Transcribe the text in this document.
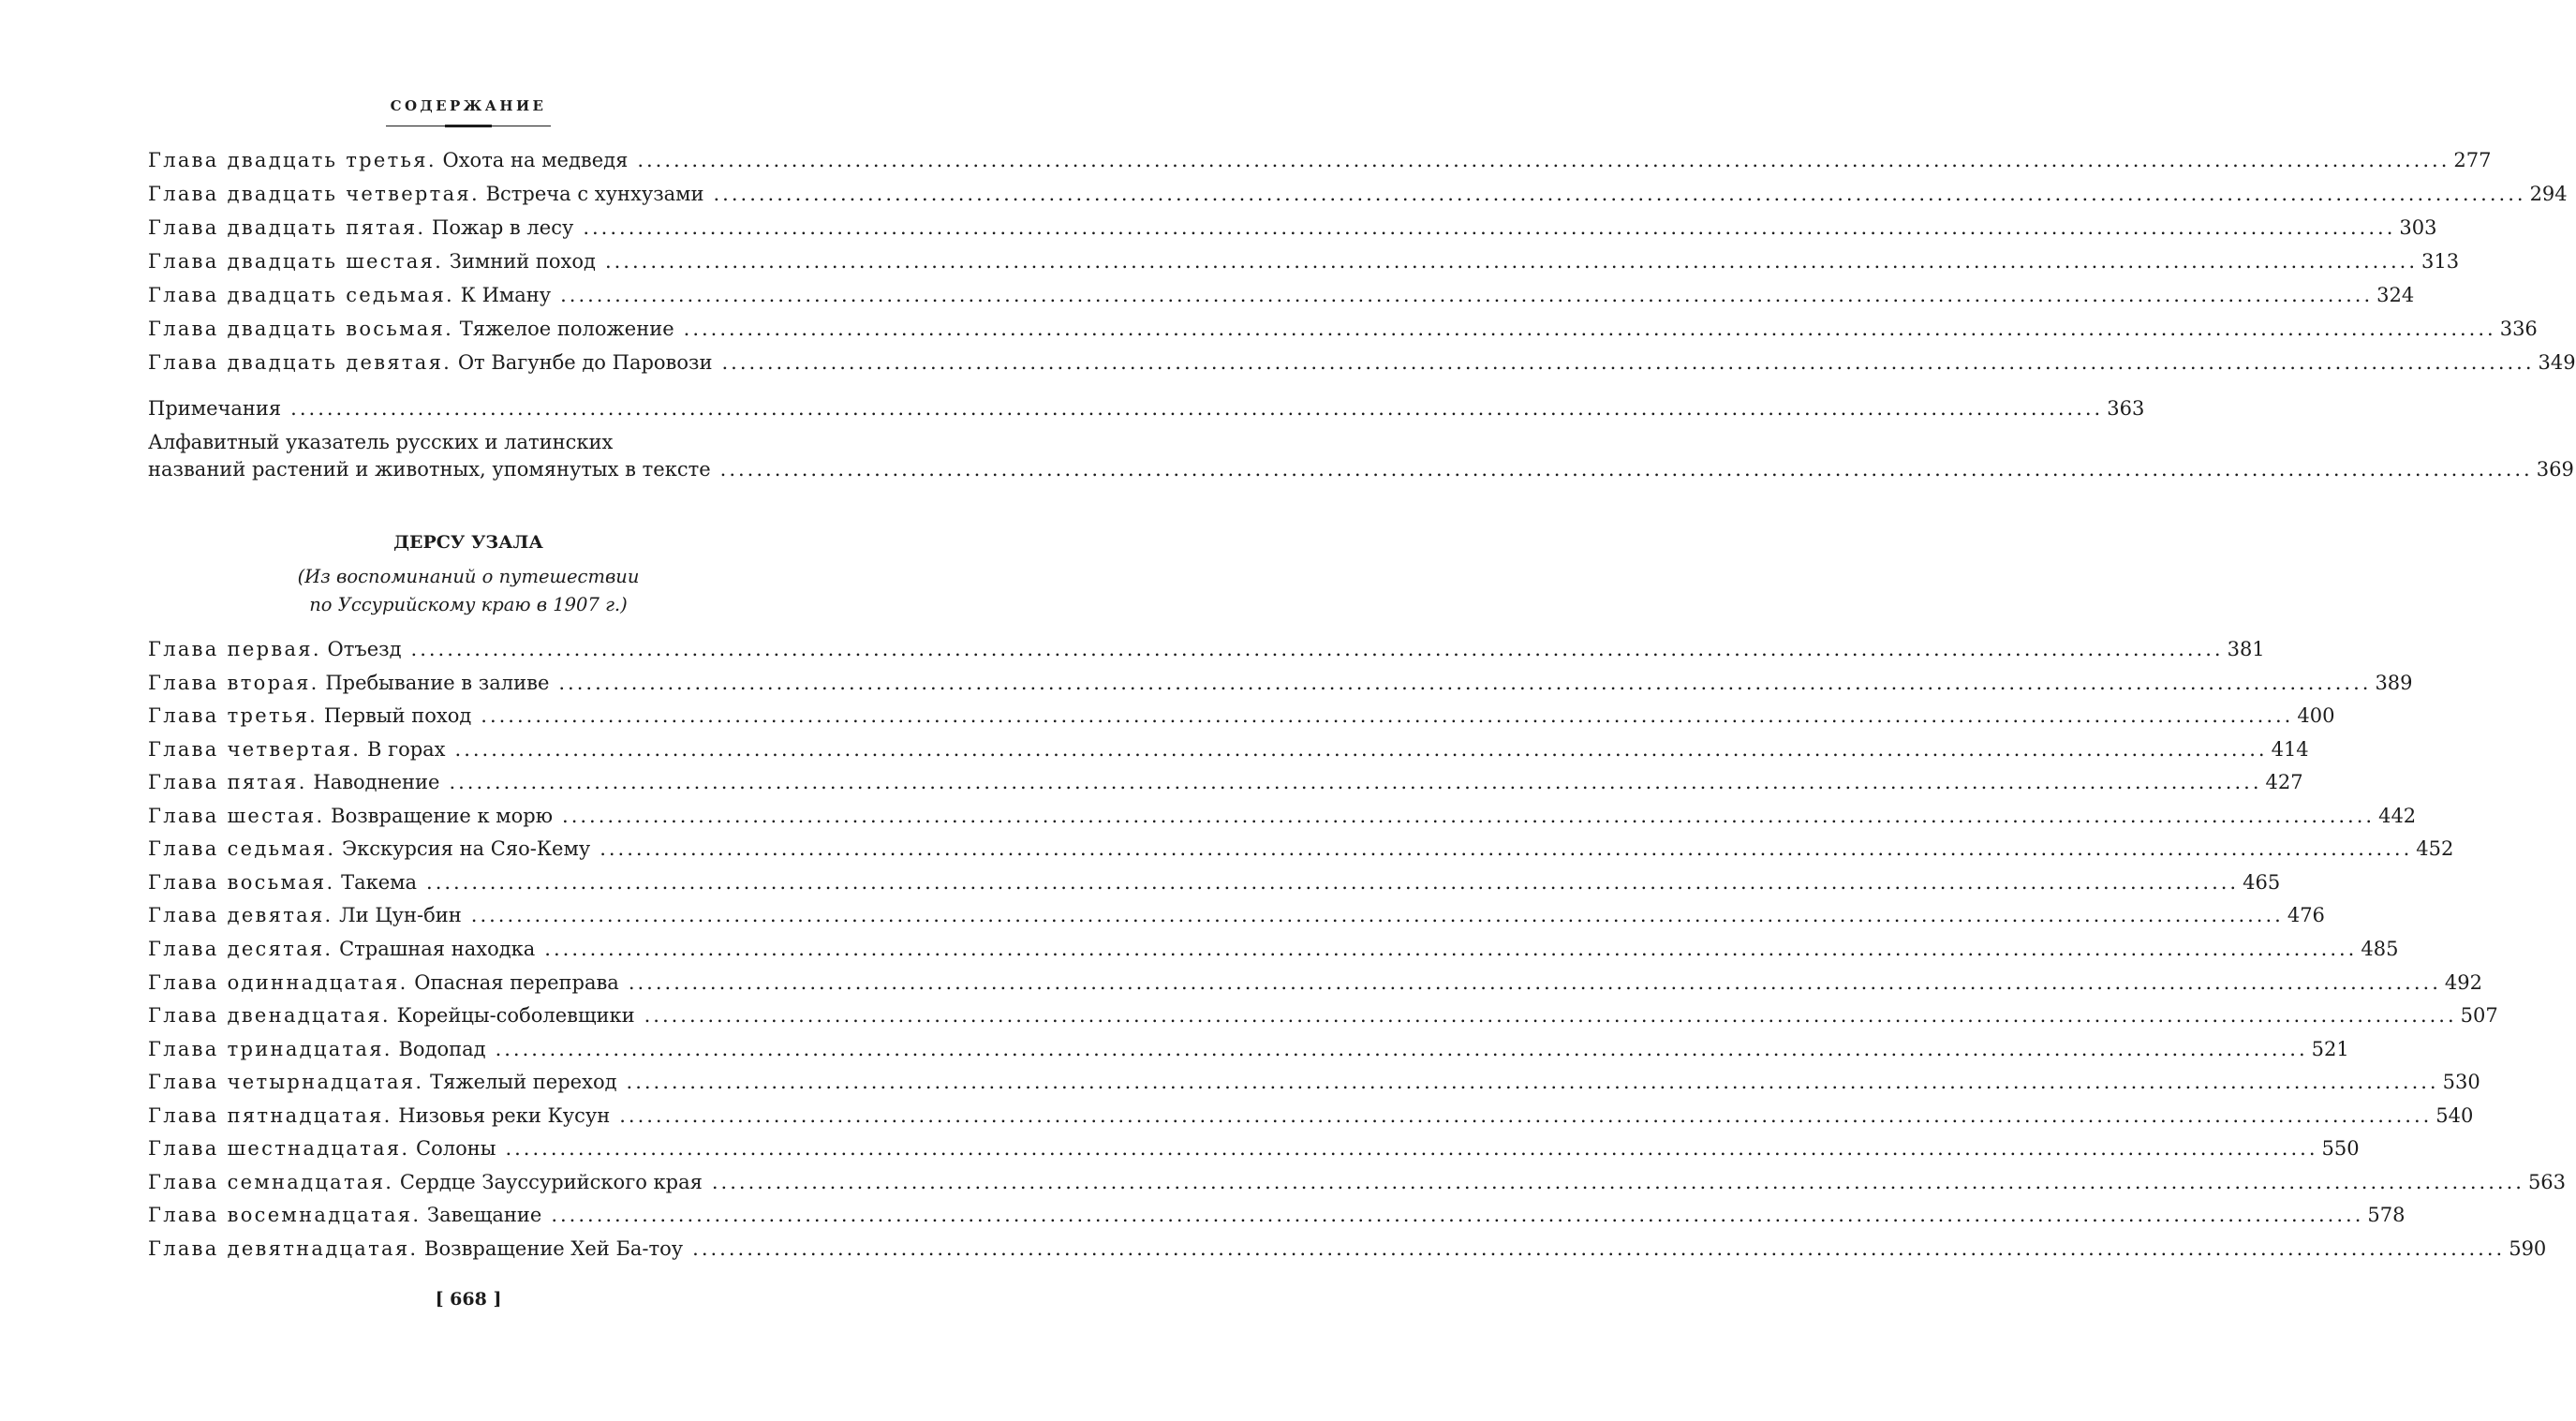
СОДЕРЖАНИЕ
Глава двадцать третья. Охота на медведя ........................................................................................................................................................................................................ 277
Глава двадцать четвертая. Встреча с хунхузами ........................................................................................................................................................................................................ 294
Глава двадцать пятая. Пожар в лесу ........................................................................................................................................................................................................ 303
Глава двадцать шестая. Зимний поход ........................................................................................................................................................................................................ 313
Глава двадцать седьмая. К Иману ........................................................................................................................................................................................................ 324
Глава двадцать восьмая. Тяжелое положение ........................................................................................................................................................................................................ 336
Глава двадцать девятая. От Вагунбе до Паровози ........................................................................................................................................................................................................ 349
Примечания ........................................................................................................................................................................................................ 363
Алфавитный указатель русских и латинских
названий растений и животных, упомянутых в тексте ........................................................................................................................................................................................................ 369
ДЕРСУ УЗАЛА
(Из воспоминаний о путешествии
по Уссурийскому краю в 1907 г.)
Глава первая. Отъезд ........................................................................................................................................................................................................ 381
Глава вторая. Пребывание в заливе ........................................................................................................................................................................................................ 389
Глава третья. Первый поход ........................................................................................................................................................................................................ 400
Глава четвертая. В горах ........................................................................................................................................................................................................ 414
Глава пятая. Наводнение ........................................................................................................................................................................................................ 427
Глава шестая. Возвращение к морю ........................................................................................................................................................................................................ 442
Глава седьмая. Экскурсия на Сяо-Кему ........................................................................................................................................................................................................ 452
Глава восьмая. Такема ........................................................................................................................................................................................................ 465
Глава девятая. Ли Цун-бин ........................................................................................................................................................................................................ 476
Глава десятая. Страшная находка ........................................................................................................................................................................................................ 485
Глава одиннадцатая. Опасная переправа ........................................................................................................................................................................................................ 492
Глава двенадцатая. Корейцы-соболевщики ........................................................................................................................................................................................................ 507
Глава тринадцатая. Водопад ........................................................................................................................................................................................................ 521
Глава четырнадцатая. Тяжелый переход ........................................................................................................................................................................................................ 530
Глава пятнадцатая. Низовья реки Кусун ........................................................................................................................................................................................................ 540
Глава шестнадцатая. Солоны ........................................................................................................................................................................................................ 550
Глава семнадцатая. Сердце Зауссурийского края ........................................................................................................................................................................................................ 563
Глава восемнадцатая. Завещание ........................................................................................................................................................................................................ 578
Глава девятнадцатая. Возвращение Хей Ба-тоу ........................................................................................................................................................................................................ 590
[ 668 ]
